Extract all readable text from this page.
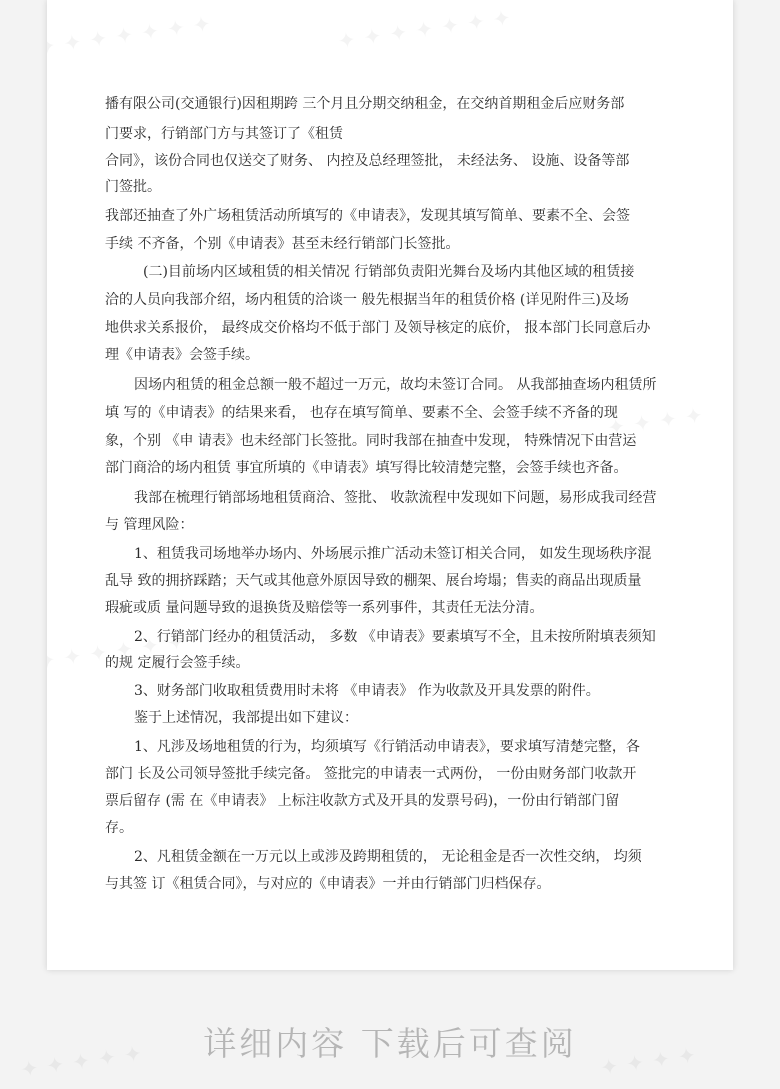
播有限公司(交通银行)因租期跨 三个月且分期交纳租金，在交纳首期租金后应财务部

门要求，行销部门方与其签订了《租赁

合同》，该份合同也仅送交了财务、 内控及总经理签批， 未经法务、 设施、设备等部

门签批。

我部还抽查了外广场租赁活动所填写的《申请表》，发现其填写简单、要素不全、会签

手续 不齐备，个别《申请表》甚至未经行销部门长签批。

(二)目前场内区域租赁的相关情况 行销部负责阳光舞台及场内其他区域的租赁接

洽的人员向我部介绍，场内租赁的洽谈一 般先根据当年的租赁价格 (详见附件三)及场

地供求关系报价， 最终成交价格均不低于部门 及领导核定的底价， 报本部门长同意后办

理《申请表》会签手续。

因场内租赁的租金总额一般不超过一万元，故均未签订合同。 从我部抽查场内租赁所

填 写的《申请表》的结果来看， 也存在填写简单、要素不全、会签手续不齐备的现

象，个别 《申 请表》也未经部门长签批。同时我部在抽查中发现， 特殊情况下由营运

部门商洽的场内租赁 事宜所填的《申请表》填写得比较清楚完整，会签手续也齐备。

我部在梳理行销部场地租赁商洽、签批、 收款流程中发现如下问题，易形成我司经营

与 管理风险：

1、租赁我司场地举办场内、外场展示推广活动未签订相关合同， 如发生现场秩序混

乱导 致的拥挤踩踏；天气或其他意外原因导致的棚架、展台垮塌；售卖的商品出现质量

瑕疵或质 量问题导致的退换货及赔偿等一系列事件，其责任无法分清。

2、行销部门经办的租赁活动， 多数 《申请表》要素填写不全，且未按所附填表须知

的规 定履行会签手续。

3、财务部门收取租赁费用时未将 《申请表》 作为收款及开具发票的附件。

鉴于上述情况，我部提出如下建议：

1、凡涉及场地租赁的行为，均须填写《行销活动申请表》，要求填写清楚完整，各

部门 长及公司领导签批手续完备。 签批完的申请表一式两份， 一份由财务部门收款开

票后留存 (需 在《申请表》 上标注收款方式及开具的发票号码)，一份由行销部门留

存。

2、凡租赁金额在一万元以上或涉及跨期租赁的， 无论租金是否一次性交纳， 均须

与其签 订《租赁合同》，与对应的《申请表》一并由行销部门归档保存。

详细内容 下载后可查阅
